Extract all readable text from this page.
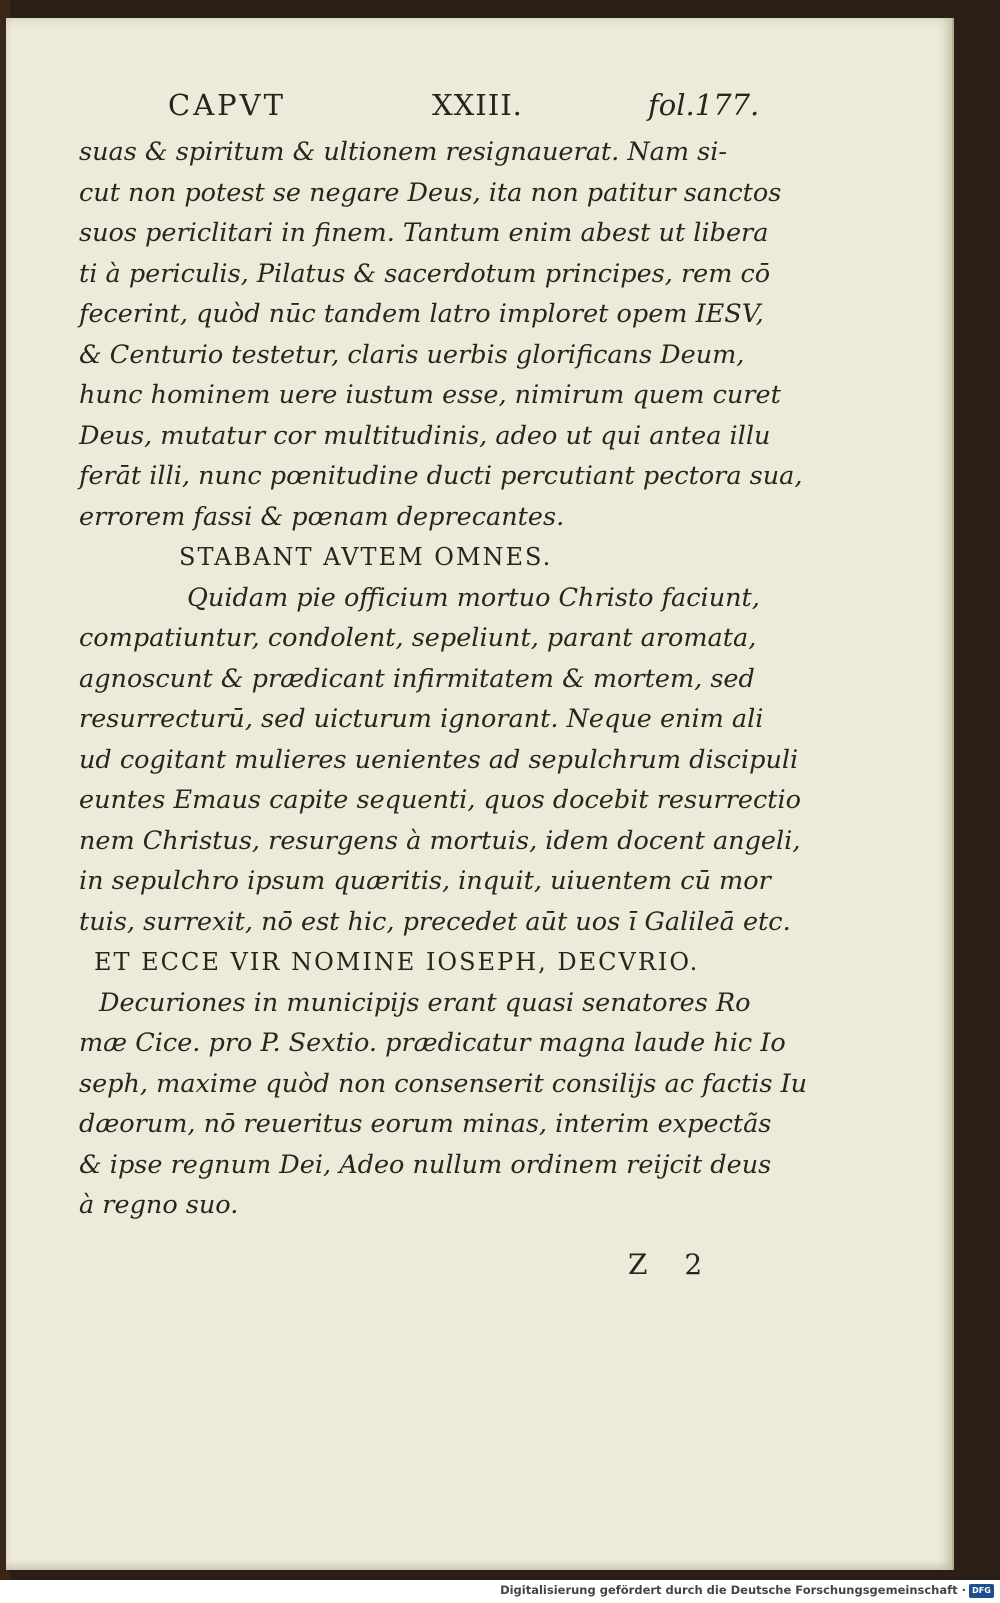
CAPVT	XXIII.	fol.177.
suas & spiritum & ultionem resignauerat. Nam si-
cut non potest se negare Deus, ita non patitur sanctos
suos periclitari in finem. Tantum enim abest ut libera
ti à periculis, Pilatus & sacerdotum principes, rem cō
fecerint, quòd nūc tandem latro imploret opem IESV,
& Centurio testetur, claris uerbis glorificans Deum,
hunc hominem uere iustum esse, nimirum quem curet
Deus, mutatur cor multitudinis, adeo ut qui antea illu
ferāt illi, nunc pœnitudine ducti percutiant pectora sua,
errorem fassi & pœnam deprecantes.
STABANT AVTEM OMNES.
Quidam pie officium mortuo Christo faciunt,
compatiuntur, condolent, sepeliunt, parant aromata,
agnoscunt & prædicant infirmitatem & mortem, sed
resurrecturū, sed uicturum ignorant. Neque enim ali
ud cogitant mulieres uenientes ad sepulchrum discipuli
euntes Emaus capite sequenti, quos docebit resurrectio
nem Christus, resurgens à mortuis, idem docent angeli,
in sepulchro ipsum quæritis, inquit, uiuentem cū mor
tuis, surrexit, nō est hic, precedet aūt uos ī Galileā etc.
ET ECCE VIR NOMINE IOSEPH, DECVRIO.
Decuriones in municipijs erant quasi senatores Ro
mæ Cice. pro P. Sextio. prædicatur magna laude hic Io
seph, maxime quòd non consenserit consilijs ac factis Iu
dæorum, nō reueritus eorum minas, interim expectãs
& ipse regnum Dei, Adeo nullum ordinem reijcit deus
à regno suo.
Z 2
Digitalisierung gefördert durch die Deutsche Forschungsgemeinschaft · DFG
